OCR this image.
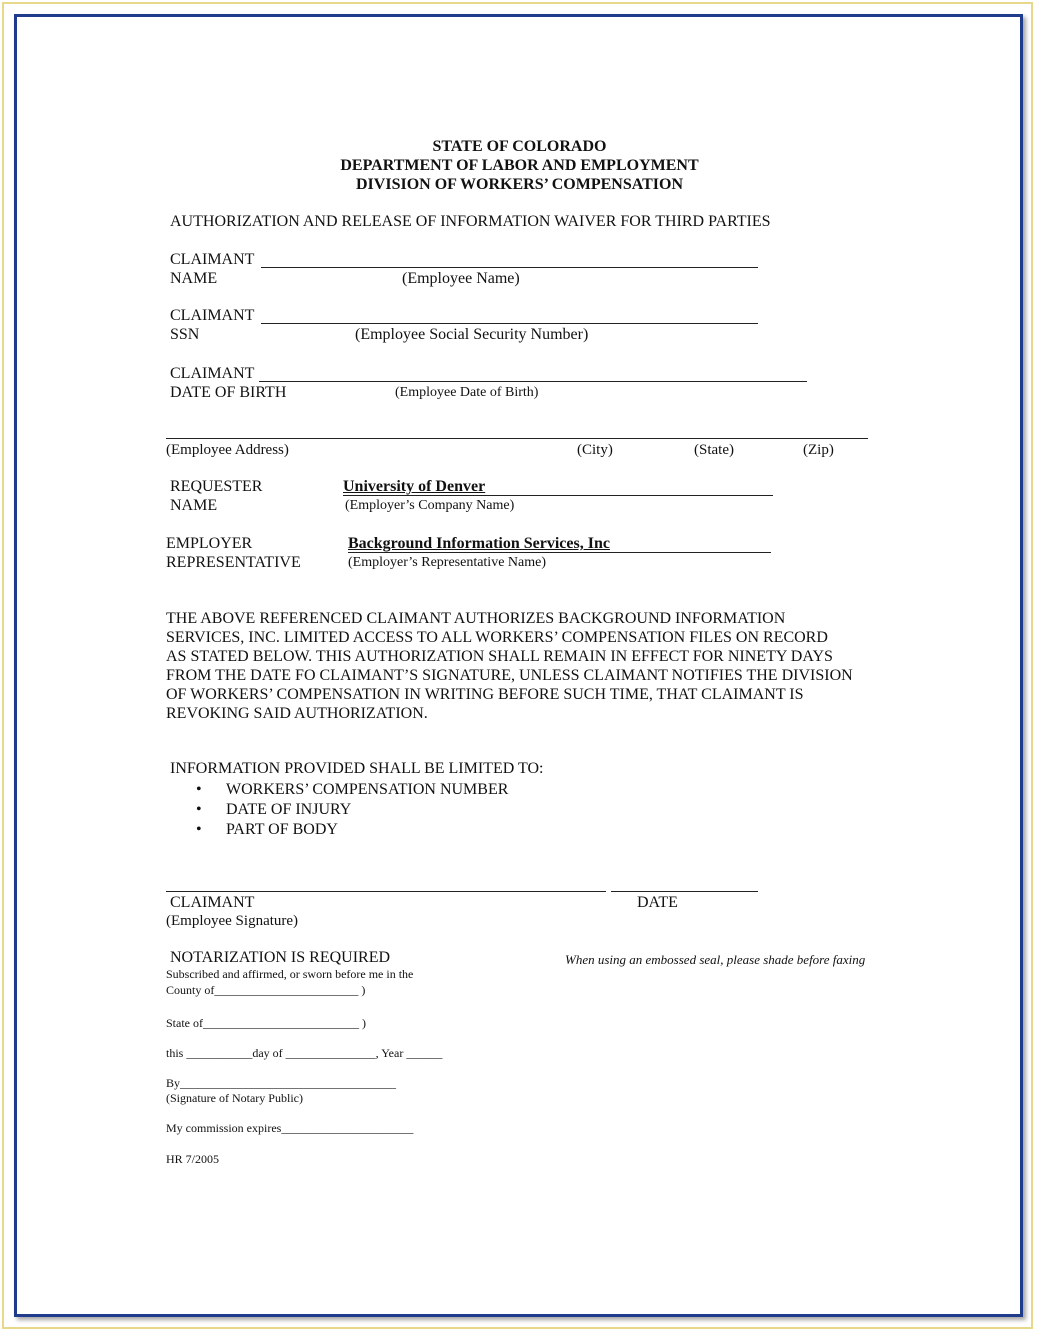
STATE OF COLORADO
DEPARTMENT OF LABOR AND EMPLOYMENT
DIVISION OF WORKERS’ COMPENSATION
AUTHORIZATION AND RELEASE OF INFORMATION WAIVER FOR THIRD PARTIES
CLAIMANT
NAME	(Employee Name)
CLAIMANT
SSN	(Employee Social Security Number)
CLAIMANT
DATE OF BIRTH	(Employee Date of Birth)
(Employee Address)	(City)	(State)	(Zip)
REQUESTER
NAME
University of Denver
(Employer’s Company Name)
EMPLOYER
REPRESENTATIVE
Background Information Services, Inc
(Employer’s Representative Name)
THE ABOVE REFERENCED CLAIMANT AUTHORIZES BACKGROUND INFORMATION
SERVICES, INC. LIMITED ACCESS TO ALL WORKERS’ COMPENSATION FILES ON RECORD
AS STATED BELOW. THIS AUTHORIZATION SHALL REMAIN IN EFFECT FOR NINETY DAYS
FROM THE DATE FO CLAIMANT’S SIGNATURE, UNLESS CLAIMANT NOTIFIES THE DIVISION
OF WORKERS’ COMPENSATION IN WRITING BEFORE SUCH TIME, THAT CLAIMANT IS
REVOKING SAID AUTHORIZATION.
INFORMATION PROVIDED SHALL BE LIMITED TO:
• WORKERS’ COMPENSATION NUMBER
• DATE OF INJURY
• PART OF BODY
CLAIMANT
(Employee Signature)
DATE
NOTARIZATION IS REQUIRED	When using an embossed seal, please shade before faxing
Subscribed and affirmed, or sworn before me in the
County of________________________ )
State of__________________________ )
this ___________day of _______________, Year ______
By____________________________________
(Signature of Notary Public)
My commission expires______________________
HR 7/2005
